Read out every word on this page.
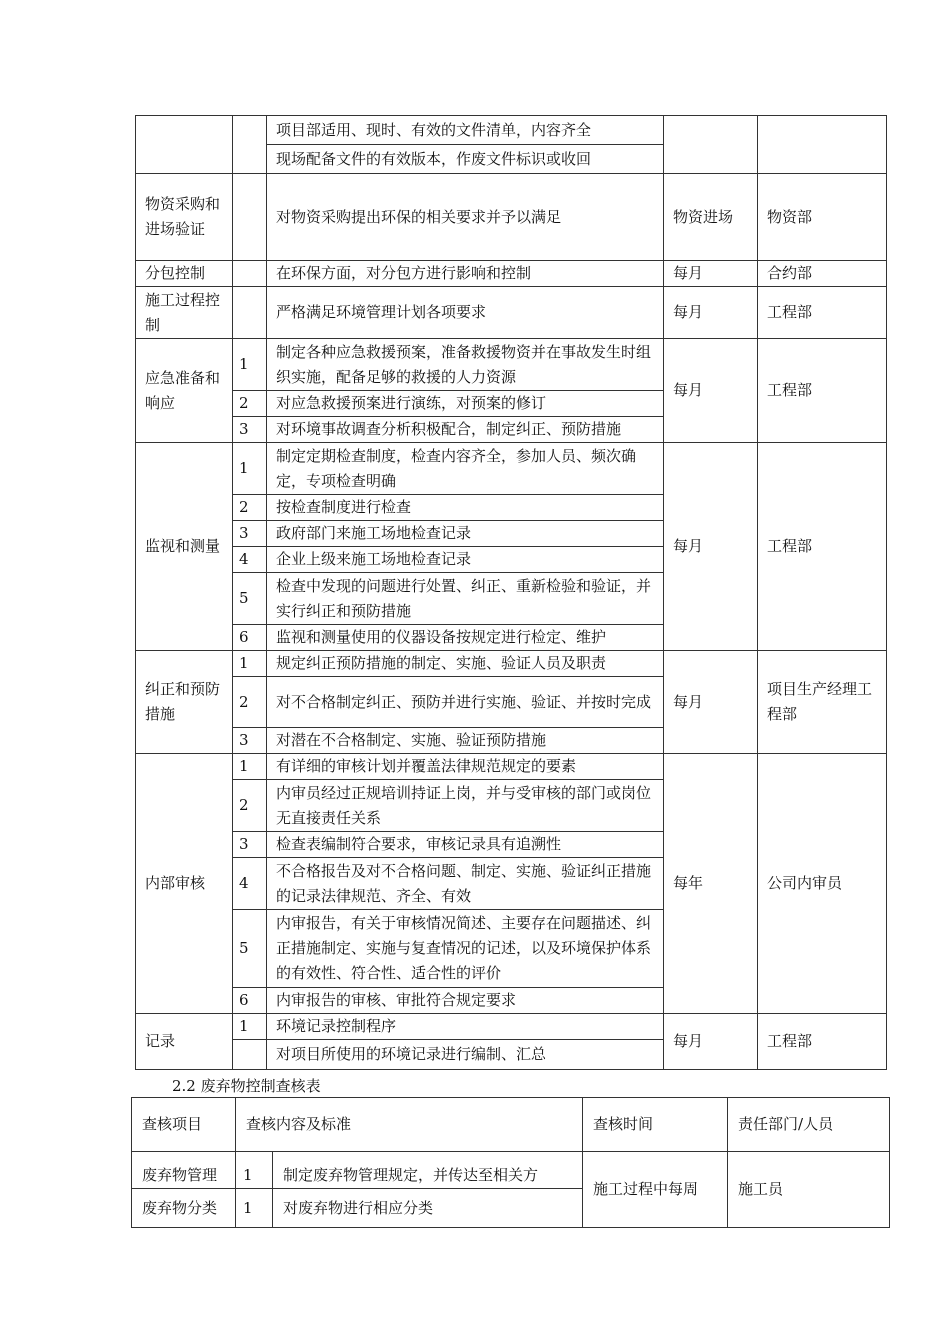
		项目部适用、现时、有效的文件清单，内容齐全		
		现场配备文件的有效版本，作废文件标识或收回		
物资采购和进场验证		对物资采购提出环保的相关要求并予以满足	物资进场	物资部
分包控制		在环保方面，对分包方进行影响和控制	每月	合约部
施工过程控制		严格满足环境管理计划各项要求	每月	工程部
应急准备和响应	1	制定各种应急救援预案，准备救援物资并在事故发生时组织实施，配备足够的救援的人力资源	每月	工程部
	2	对应急救援预案进行演练，对预案的修订		
	3	对环境事故调查分析积极配合，制定纠正、预防措施		
监视和测量	1	制定定期检查制度，检查内容齐全，参加人员、频次确定，专项检查明确	每月	工程部
	2	按检查制度进行检查		
	3	政府部门来施工场地检查记录		
	4	企业上级来施工场地检查记录		
	5	检查中发现的问题进行处置、纠正、重新检验和验证，并实行纠正和预防措施		
	6	监视和测量使用的仪器设备按规定进行检定、维护		
纠正和预防措施	1	规定纠正预防措施的制定、实施、验证人员及职责	每月	项目生产经理工程部
	2	对不合格制定纠正、预防并进行实施、验证、并按时完成		
	3	对潜在不合格制定、实施、验证预防措施		
内部审核	1	有详细的审核计划并覆盖法律规范规定的要素	每年	公司内审员
	2	内审员经过正规培训持证上岗，并与受审核的部门或岗位无直接责任关系		
	3	检查表编制符合要求，审核记录具有追溯性		
	4	不合格报告及对不合格问题、制定、实施、验证纠正措施的记录法律规范、齐全、有效		
	5	内审报告，有关于审核情况简述、主要存在问题描述、纠正措施制定、实施与复查情况的记述，以及环境保护体系的有效性、符合性、适合性的评价		
	6	内审报告的审核、审批符合规定要求		
记录	1	环境记录控制程序	每月	工程部
		对项目所使用的环境记录进行编制、汇总		
2.2 废弃物控制查核表
查核项目	查核内容及标准		查核时间	责任部门/人员
废弃物管理	1	制定废弃物管理规定，并传达至相关方	施工过程中每周	施工员
废弃物分类	1	对废弃物进行相应分类		
